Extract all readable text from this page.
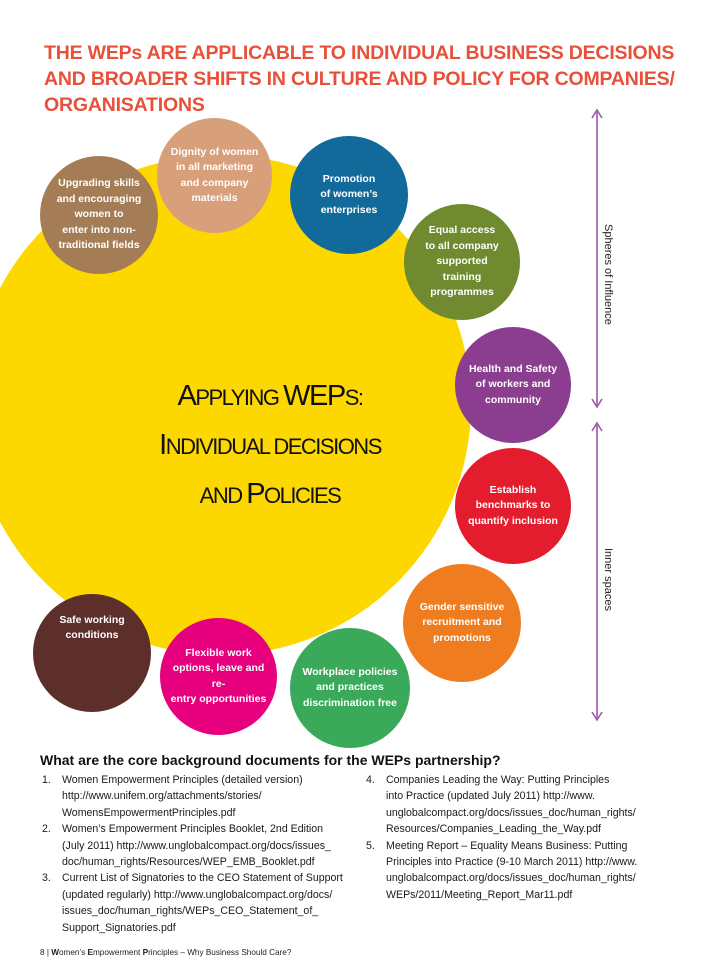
THE WEPs ARE APPLICABLE TO INDIVIDUAL BUSINESS DECISIONS
AND BROADER SHIFTS IN CULTURE AND POLICY FOR COMPANIES/
ORGANISATIONS
APPLYING WEPS:
INDIVIDUAL DECISIONS
AND POLICIES
Upgrading skills
and encouraging
women to
enter into non-
traditional fields
Dignity of women
in all marketing
and company
materials
Promotion
of women’s
enterprises
Equal access
to all company
supported
training
programmes
Health and Safety
of workers and
community
Establish
benchmarks to
quantify inclusion
Gender sensitive
recruitment and
promotions
Workplace policies
and practices
discrimination free
Flexible work
options, leave and re-
entry opportunities
Safe working
conditions
Spheres of Influence
Inner spaces
What are the core background documents for the WEPs partnership?
1. Women Empowerment Principles (detailed version)
http://www.unifem.org/attachments/stories/
WomensEmpowermentPrinciples.pdf
2. Women’s Empowerment Principles Booklet, 2nd Edition
(July 2011) http://www.unglobalcompact.org/docs/issues_
doc/human_rights/Resources/WEP_EMB_Booklet.pdf
3. Current List of Signatories to the CEO Statement of Support
(updated regularly) http://www.unglobalcompact.org/docs/
issues_doc/human_rights/WEPs_CEO_Statement_of_
Support_Signatories.pdf
4. Companies Leading the Way: Putting Principles
into Practice (updated July 2011) http://www.
unglobalcompact.org/docs/issues_doc/human_rights/
Resources/Companies_Leading_the_Way.pdf
5. Meeting Report – Equality Means Business: Putting
Principles into Practice (9-10 March 2011) http://www.
unglobalcompact.org/docs/issues_doc/human_rights/
WEPs/2011/Meeting_Report_Mar11.pdf
8 | Women’s Empowerment Principles – Why Business Should Care?
